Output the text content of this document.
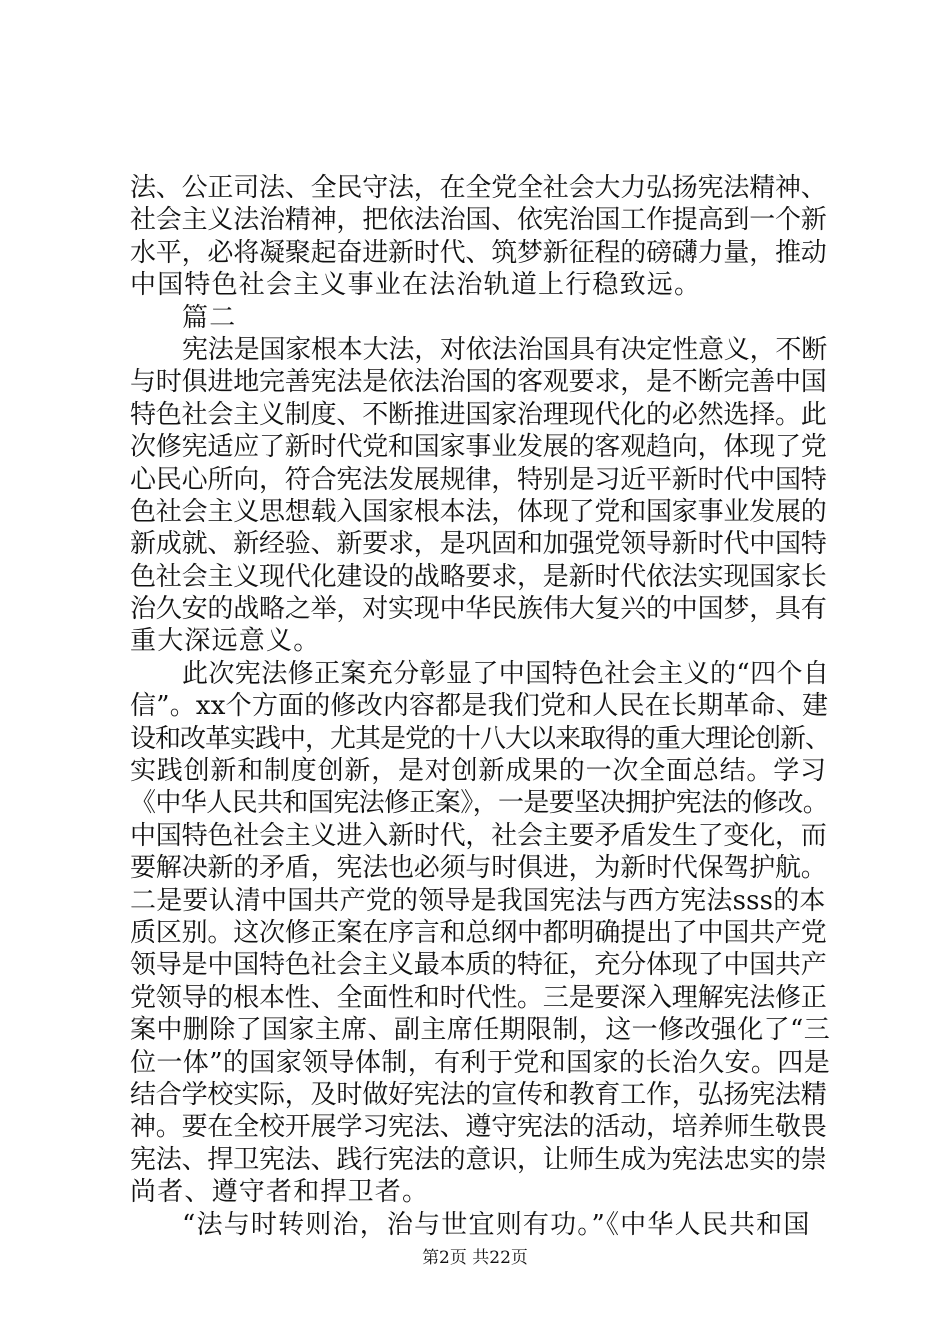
法、公正司法、全民守法，在全党全社会大力弘扬宪法精神、
社会主义法治精神，把依法治国、依宪治国工作提高到一个新
水平，必将凝聚起奋进新时代、筑梦新征程的磅礴力量，推动
中国特色社会主义事业在法治轨道上行稳致远。
篇二
宪法是国家根本大法，对依法治国具有决定性意义，不断
与时俱进地完善宪法是依法治国的客观要求，是不断完善中国
特色社会主义制度、不断推进国家治理现代化的必然选择。此
次修宪适应了新时代党和国家事业发展的客观趋向，体现了党
心民心所向，符合宪法发展规律，特别是习近平新时代中国特
色社会主义思想载入国家根本法，体现了党和国家事业发展的
新成就、新经验、新要求，是巩固和加强党领导新时代中国特
色社会主义现代化建设的战略要求，是新时代依法实现国家长
治久安的战略之举，对实现中华民族伟大复兴的中国梦，具有
重大深远意义。
此次宪法修正案充分彰显了中国特色社会主义的“四个自
信”。xx个方面的修改内容都是我们党和人民在长期革命、建
设和改革实践中，尤其是党的十八大以来取得的重大理论创新、
实践创新和制度创新，是对创新成果的一次全面总结。学习
《中华人民共和国宪法修正案》，一是要坚决拥护宪法的修改。
中国特色社会主义进入新时代，社会主要矛盾发生了变化，而
要解决新的矛盾，宪法也必须与时俱进，为新时代保驾护航。
二是要认清中国共产党的领导是我国宪法与西方宪法sss的本
质区别。这次修正案在序言和总纲中都明确提出了中国共产党
领导是中国特色社会主义最本质的特征，充分体现了中国共产
党领导的根本性、全面性和时代性。三是要深入理解宪法修正
案中删除了国家主席、副主席任期限制，这一修改强化了“三
位一体”的国家领导体制，有利于党和国家的长治久安。四是
结合学校实际，及时做好宪法的宣传和教育工作，弘扬宪法精
神。要在全校开展学习宪法、遵守宪法的活动，培养师生敬畏
宪法、捍卫宪法、践行宪法的意识，让师生成为宪法忠实的崇
尚者、遵守者和捍卫者。
“法与时转则治，治与世宜则有功。”《中华人民共和国
第2页 共22页
